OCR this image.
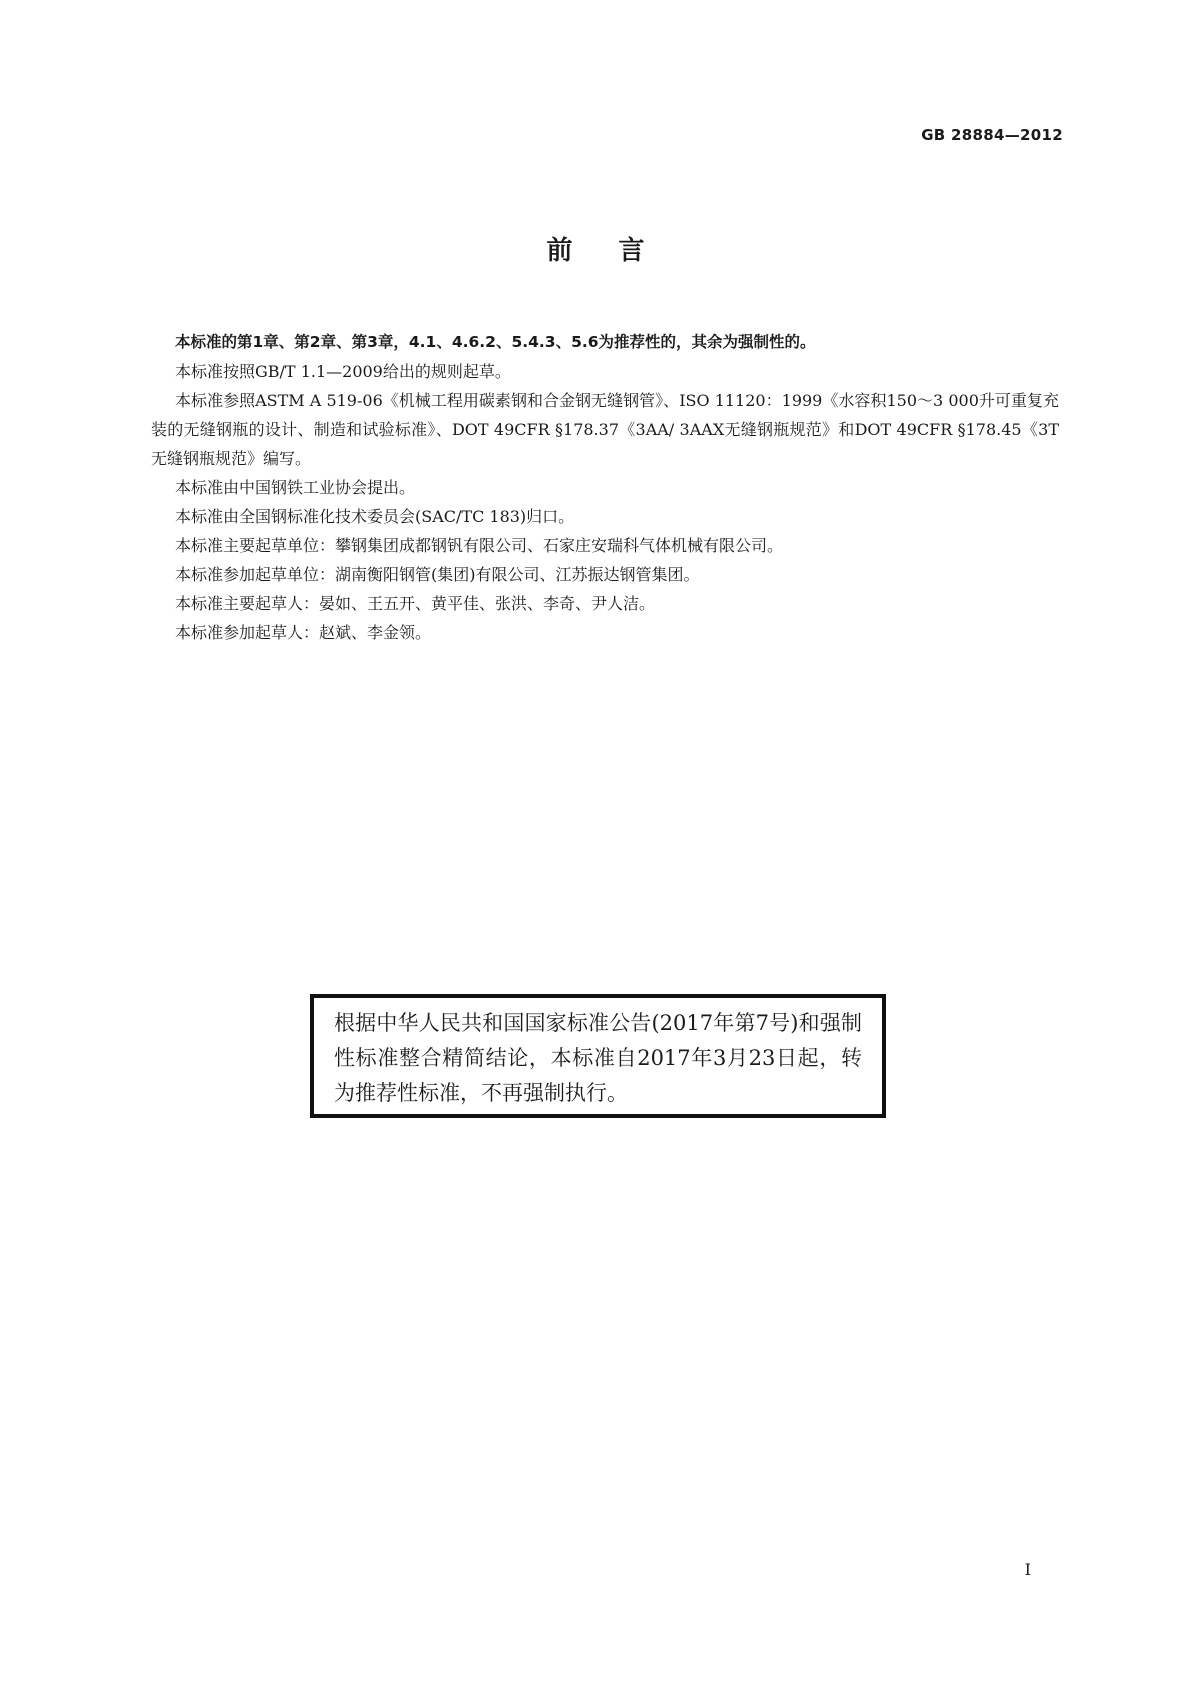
GB 28884—2012
前言

本标准的第1章、第2章、第3章，4.1、4.6.2、5.4.3、5.6为推荐性的，其余为强制性的。

本标准按照GB/T 1.1—2009给出的规则起草。

本标准参照ASTM A 519-06《机械工程用碳素钢和合金钢无缝钢管》、ISO 11120：1999《水容积150～3 000升可重复充装的无缝钢瓶的设计、制造和试验标准》、DOT 49CFR §178.37《3AA/ 3AAX无缝钢瓶规范》和DOT 49CFR §178.45《3T 无缝钢瓶规范》编写。

本标准由中国钢铁工业协会提出。

本标准由全国钢标准化技术委员会(SAC/TC 183)归口。

本标准主要起草单位：攀钢集团成都钢钒有限公司、石家庄安瑞科气体机械有限公司。

本标准参加起草单位：湖南衡阳钢管(集团)有限公司、江苏振达钢管集团。

本标准主要起草人：晏如、王五开、黄平佳、张洪、李奇、尹人洁。

本标准参加起草人：赵斌、李金领。

根据中华人民共和国国家标准公告(2017年第7号)和强制性标准整合精简结论，本标准自2017年3月23日起，转为推荐性标准，不再强制执行。
I
